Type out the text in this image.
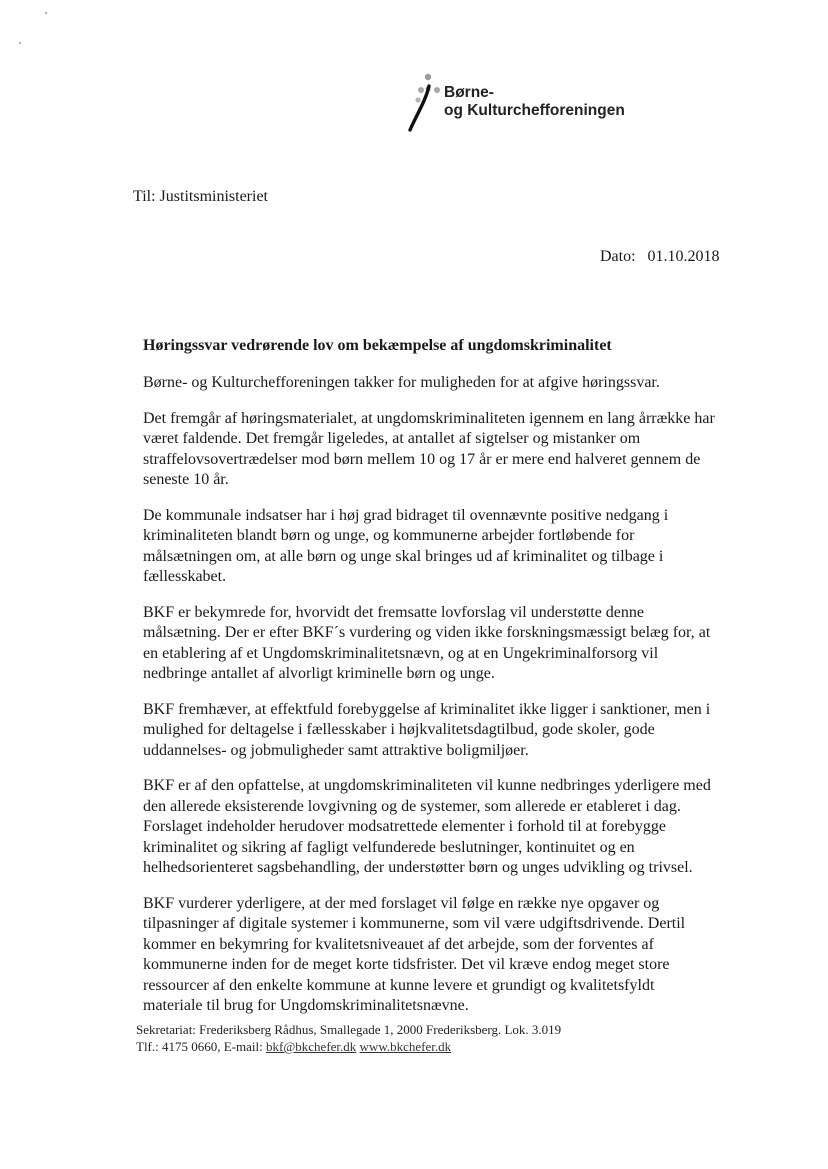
Børne-
og Kulturchefforeningen
Til: Justitsministeriet
Dato: 01.10.2018
Høringssvar vedrørende lov om bekæmpelse af ungdomskriminalitet

Børne- og Kulturchefforeningen takker for muligheden for at afgive høringssvar.

Det fremgår af høringsmaterialet, at ungdomskriminaliteten igennem en lang årrække har været faldende. Det fremgår ligeledes, at antallet af sigtelser og mistanker om straffelovsovertrædelser mod børn mellem 10 og 17 år er mere end halveret gennem de seneste 10 år.

De kommunale indsatser har i høj grad bidraget til ovennævnte positive nedgang i kriminaliteten blandt børn og unge, og kommunerne arbejder fortløbende for målsætningen om, at alle børn og unge skal bringes ud af kriminalitet og tilbage i fællesskabet.

BKF er bekymrede for, hvorvidt det fremsatte lovforslag vil understøtte denne målsætning. Der er efter BKF´s vurdering og viden ikke forskningsmæssigt belæg for, at en etablering af et Ungdomskriminalitetsnævn, og at en Ungekriminalforsorg vil nedbringe antallet af alvorligt kriminelle børn og unge.

BKF fremhæver, at effektfuld forebyggelse af kriminalitet ikke ligger i sanktioner, men i mulighed for deltagelse i fællesskaber i højkvalitetsdagtilbud, gode skoler, gode uddannelses- og jobmuligheder samt attraktive boligmiljøer.

BKF er af den opfattelse, at ungdomskriminaliteten vil kunne nedbringes yderligere med den allerede eksisterende lovgivning og de systemer, som allerede er etableret i dag. Forslaget indeholder herudover modsatrettede elementer i forhold til at forebygge kriminalitet og sikring af fagligt velfunderede beslutninger, kontinuitet og en helhedsorienteret sagsbehandling, der understøtter børn og unges udvikling og trivsel.

BKF vurderer yderligere, at der med forslaget vil følge en række nye opgaver og tilpasninger af digitale systemer i kommunerne, som vil være udgiftsdrivende. Dertil kommer en bekymring for kvalitetsniveauet af det arbejde, som der forventes af kommunerne inden for de meget korte tidsfrister. Det vil kræve endog meget store ressourcer af den enkelte kommune at kunne levere et grundigt og kvalitetsfyldt materiale til brug for Ungdomskriminalitetsnævne.

Sekretariat: Frederiksberg Rådhus, Smallegade 1, 2000 Frederiksberg. Lok. 3.019
Tlf.: 4175 0660, E-mail: bkf@bkchefer.dk www.bkchefer.dk
